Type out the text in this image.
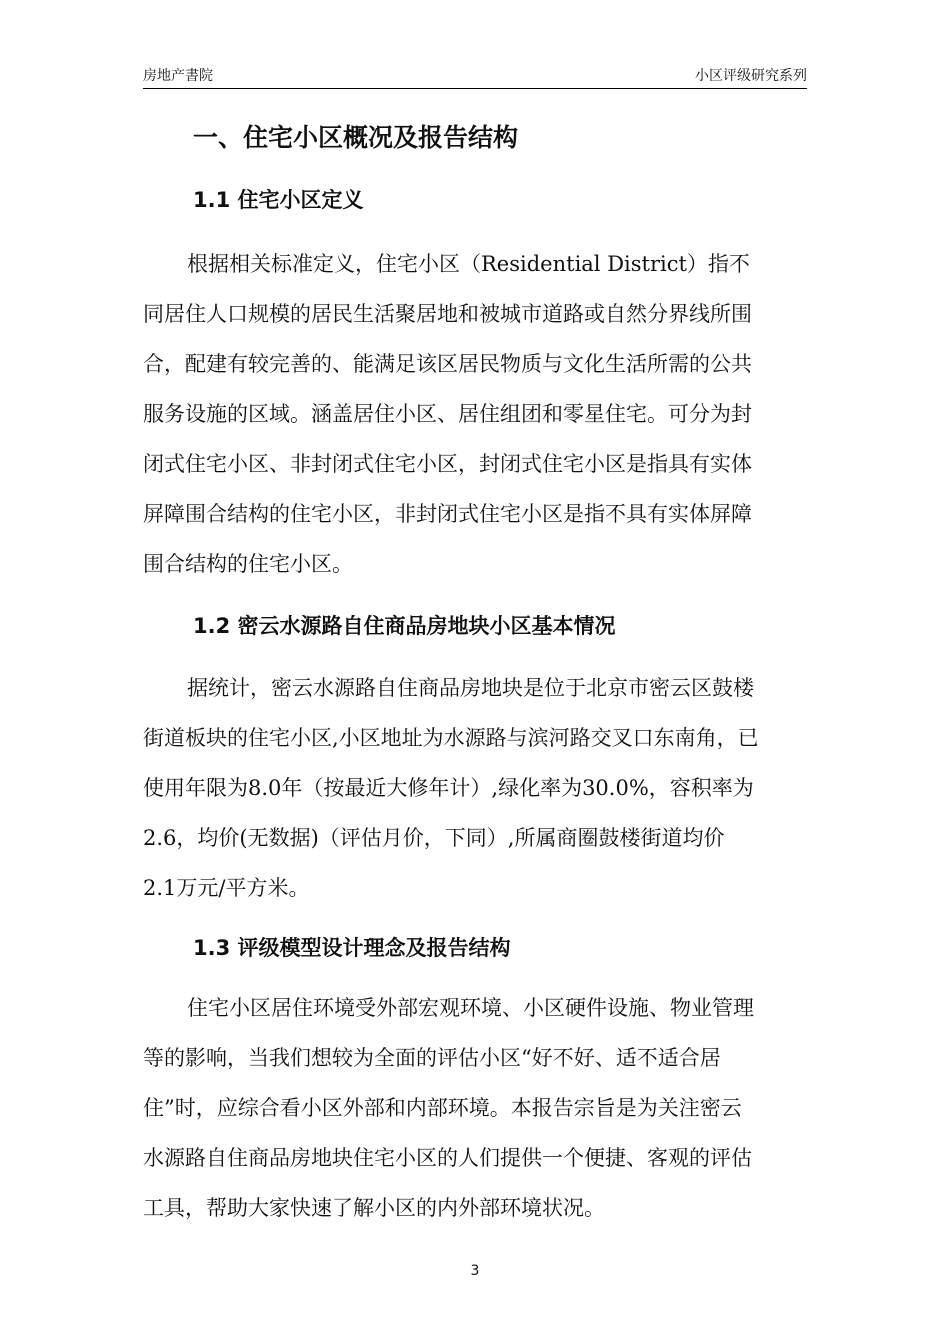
房地产書院	小区评级研究系列
一、住宅小区概况及报告结构
1.1 住宅小区定义
根据相关标准定义，住宅小区（Residential District）指不
同居住人口规模的居民生活聚居地和被城市道路或自然分界线所围
合，配建有较完善的、能满足该区居民物质与文化生活所需的公共
服务设施的区域。涵盖居住小区、居住组团和零星住宅。可分为封
闭式住宅小区、非封闭式住宅小区，封闭式住宅小区是指具有实体
屏障围合结构的住宅小区，非封闭式住宅小区是指不具有实体屏障
围合结构的住宅小区。
1.2 密云水源路自住商品房地块小区基本情况
据统计，密云水源路自住商品房地块是位于北京市密云区鼓楼
街道板块的住宅小区,小区地址为水源路与滨河路交叉口东南角，已
使用年限为8.0年（按最近大修年计）,绿化率为30.0%，容积率为
2.6，均价(无数据)（评估月价，下同）,所属商圈鼓楼街道均价
2.1万元/平方米。
1.3 评级模型设计理念及报告结构
住宅小区居住环境受外部宏观环境、小区硬件设施、物业管理
等的影响，当我们想较为全面的评估小区“好不好、适不适合居
住”时，应综合看小区外部和内部环境。本报告宗旨是为关注密云
水源路自住商品房地块住宅小区的人们提供一个便捷、客观的评估
工具，帮助大家快速了解小区的内外部环境状况。
3
